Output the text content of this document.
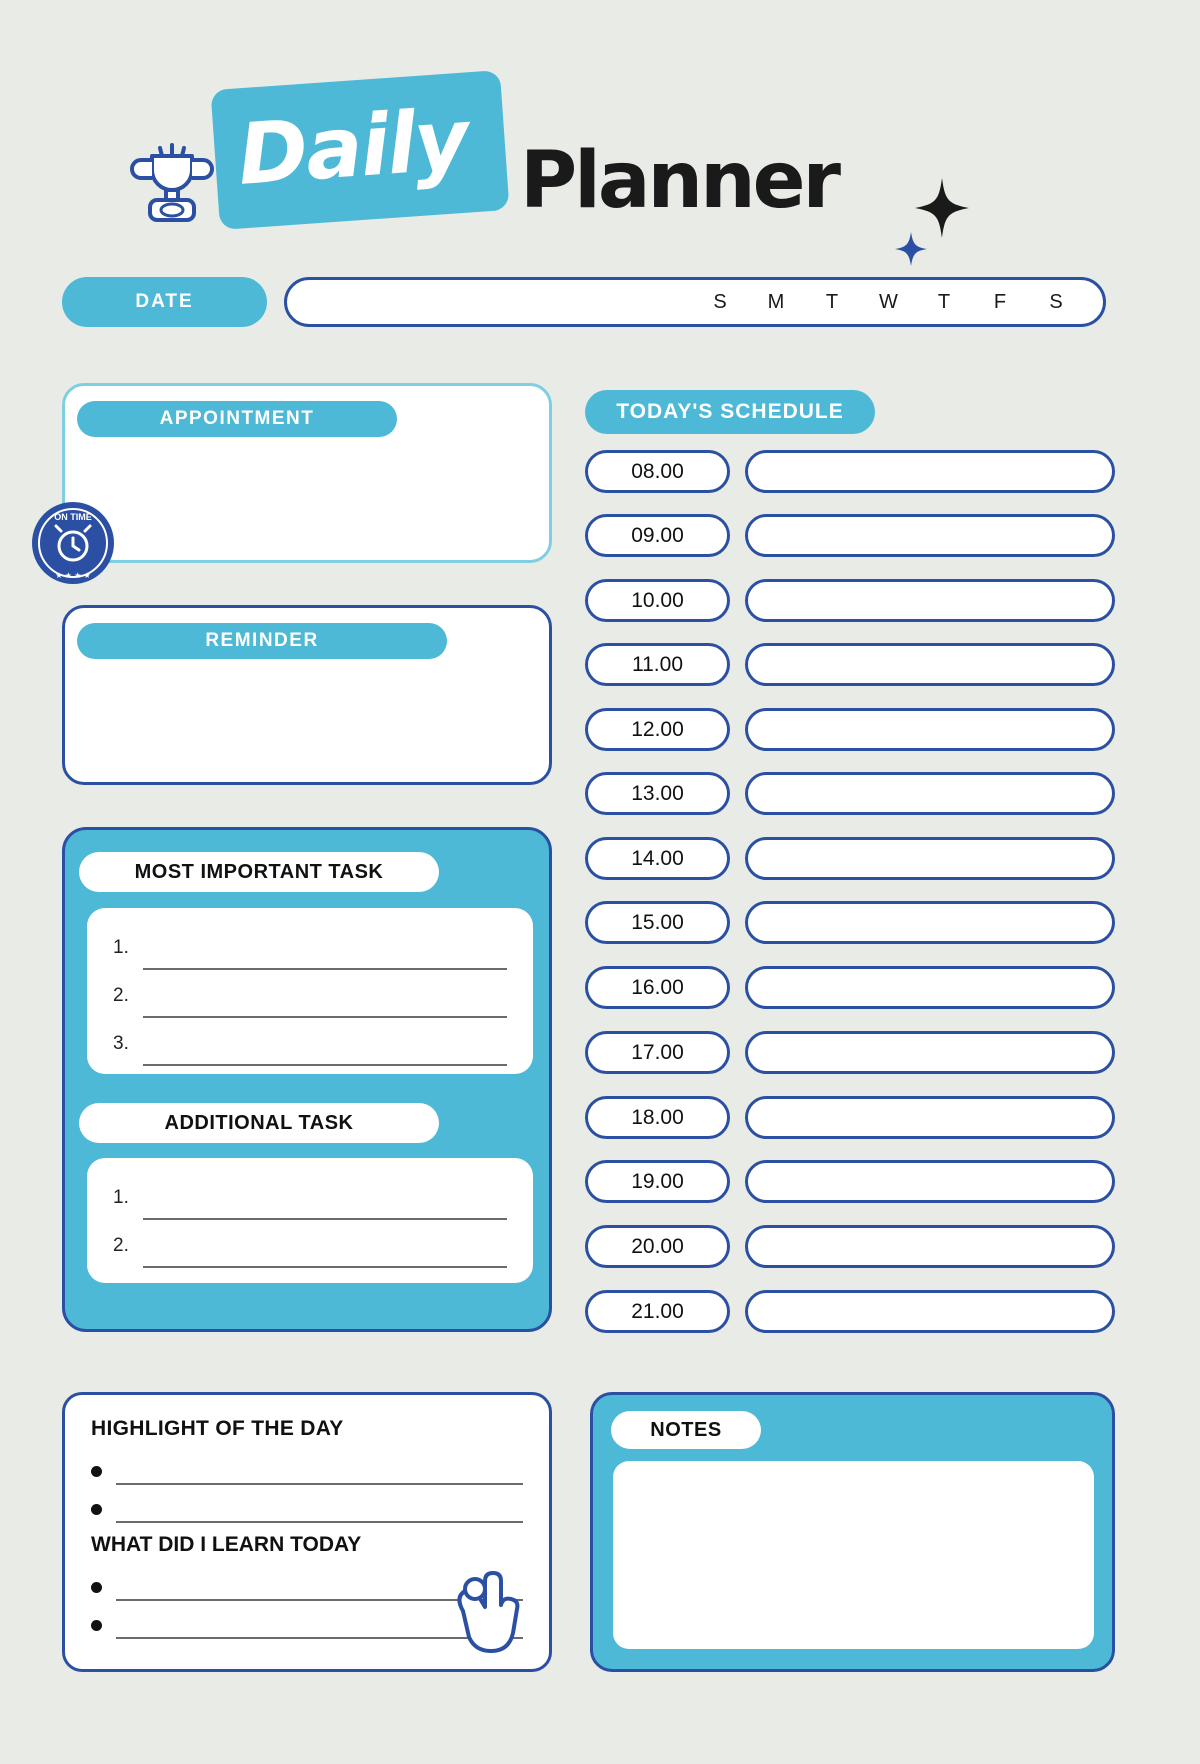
Daily Planner
DATE	S M T W T F S
APPOINTMENT
ON TIME
★ ★ ★ ★
REMINDER
MOST IMPORTANT TASK
1.
2.
3.
ADDITIONAL TASK
1.
2.
HIGHLIGHT OF THE DAY
WHAT DID I LEARN TODAY
TODAY'S SCHEDULE
08.00
09.00
10.00
11.00
12.00
13.00
14.00
15.00
16.00
17.00
18.00
19.00
20.00
21.00
NOTES
